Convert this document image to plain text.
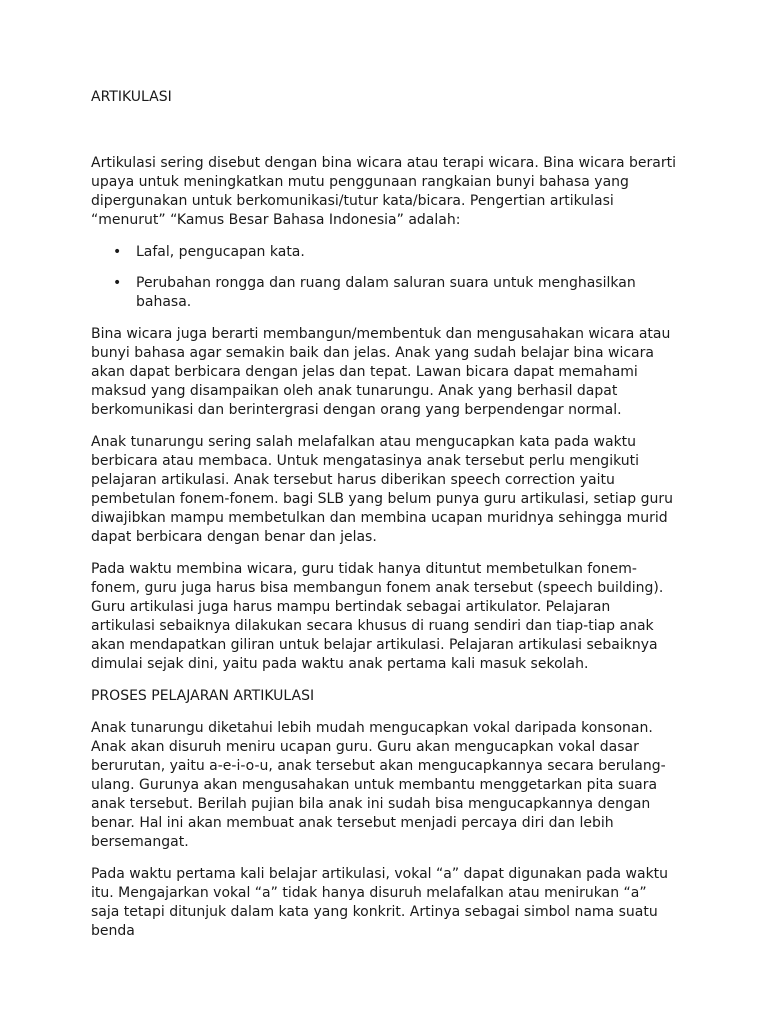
ARTIKULASI

Artikulasi sering disebut dengan bina wicara atau terapi wicara. Bina wicara berarti upaya untuk meningkatkan mutu penggunaan rangkaian bunyi bahasa yang dipergunakan untuk berkomunikasi/tutur kata/bicara. Pengertian artikulasi “menurut” “Kamus Besar Bahasa Indonesia” adalah:

• Lafal, pengucapan kata.
• Perubahan rongga dan ruang dalam saluran suara untuk menghasilkan bahasa.

Bina wicara juga berarti membangun/membentuk dan mengusahakan wicara atau bunyi bahasa agar semakin baik dan jelas. Anak yang sudah belajar bina wicara akan dapat berbicara dengan jelas dan tepat. Lawan bicara dapat memahami maksud yang disampaikan oleh anak tunarungu. Anak yang berhasil dapat berkomunikasi dan berintergrasi dengan orang yang berpendengar normal.

Anak tunarungu sering salah melafalkan atau mengucapkan kata pada waktu berbicara atau membaca. Untuk mengatasinya anak tersebut perlu mengikuti pelajaran artikulasi. Anak tersebut harus diberikan speech correction yaitu pembetulan fonem-fonem. bagi SLB yang belum punya guru artikulasi, setiap guru diwajibkan mampu membetulkan dan membina ucapan muridnya sehingga murid dapat berbicara dengan benar dan jelas.

Pada waktu membina wicara, guru tidak hanya dituntut membetulkan fonem-fonem, guru juga harus bisa membangun fonem anak tersebut (speech building). Guru artikulasi juga harus mampu bertindak sebagai artikulator. Pelajaran artikulasi sebaiknya dilakukan secara khusus di ruang sendiri dan tiap-tiap anak akan mendapatkan giliran untuk belajar artikulasi. Pelajaran artikulasi sebaiknya dimulai sejak dini, yaitu pada waktu anak pertama kali masuk sekolah.

PROSES PELAJARAN ARTIKULASI

Anak tunarungu diketahui lebih mudah mengucapkan vokal daripada konsonan. Anak akan disuruh meniru ucapan guru. Guru akan mengucapkan vokal dasar berurutan, yaitu a-e-i-o-u, anak tersebut akan mengucapkannya secara berulang-ulang. Gurunya akan mengusahakan untuk membantu menggetarkan pita suara anak tersebut. Berilah pujian bila anak ini sudah bisa mengucapkannya dengan benar. Hal ini akan membuat anak tersebut menjadi percaya diri dan lebih bersemangat.

Pada waktu pertama kali belajar artikulasi, vokal “a” dapat digunakan pada waktu itu. Mengajarkan vokal “a” tidak hanya disuruh melafalkan atau menirukan “a” saja tetapi ditunjuk dalam kata yang konkrit. Artinya sebagai simbol nama suatu benda
